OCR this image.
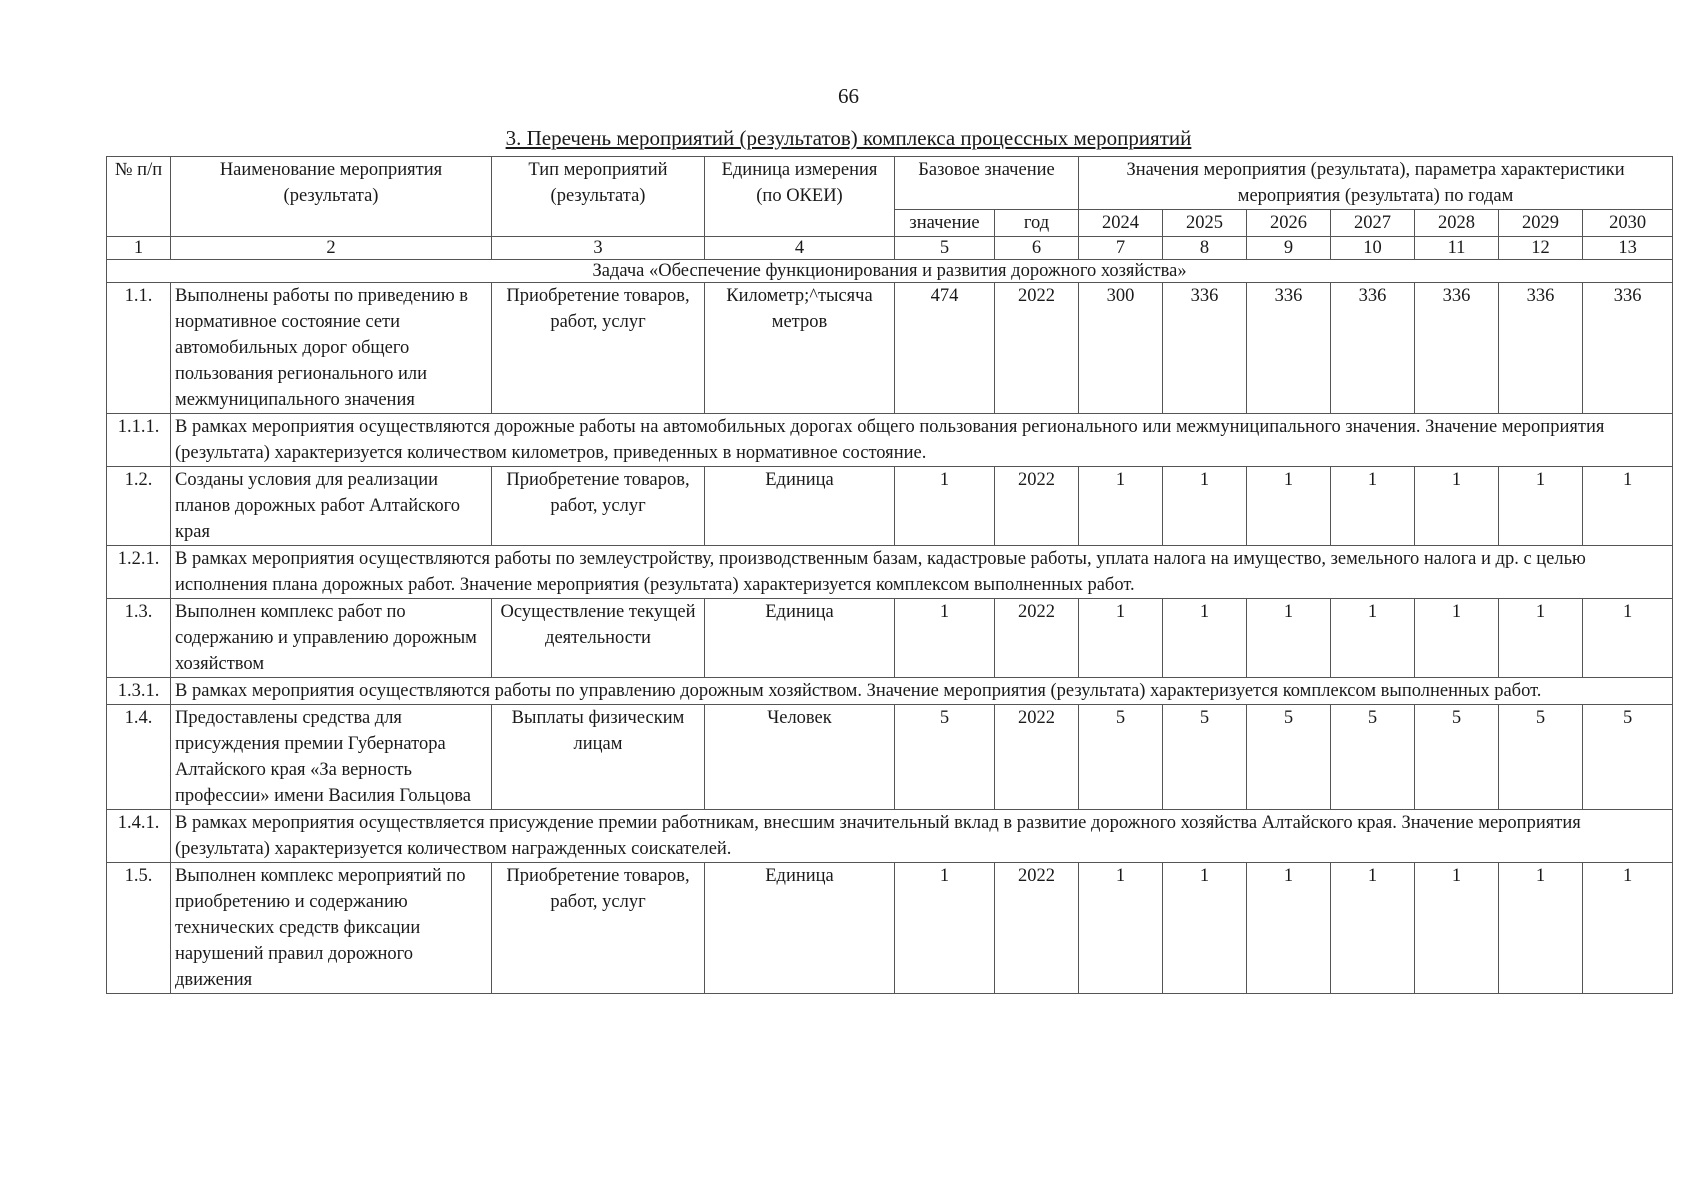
66
3. Перечень мероприятий (результатов) комплекса процессных мероприятий
№ п/п	Наименование мероприятия (результата)	Тип мероприятий (результата)	Единица измерения (по ОКЕИ)	Базовое значение		Значения мероприятия (результата), параметра характеристики мероприятия (результата) по годам						

				значение	год	2024	2025	2026	2027	2028	2029	2030
1	2	3	4	5	6	7	8	9	10	11	12	13
Задача «Обеспечение функционирования и развития дорожного хозяйства»												
1.1.	Выполнены работы по приведению в нормативное состояние сети автомобильных дорог общего пользования регионального или межмуниципального значения	Приобретение товаров, работ, услуг	Километр;^тысяча метров	474	2022	300	336	336	336	336	336	336
1.1.1.	В рамках мероприятия осуществляются дорожные работы на автомобильных дорогах общего пользования регионального или межмуниципального значения. Значение мероприятия (результата) характеризуется количеством километров, приведенных в нормативное состояние.											
1.2.	Созданы условия для реализации планов дорожных работ Алтайского края	Приобретение товаров, работ, услуг	Единица	1	2022	1	1	1	1	1	1	1
1.2.1.	В рамках мероприятия осуществляются работы по землеустройству, производственным базам, кадастровые работы, уплата налога на имущество, земельного налога и др. с целью исполнения плана дорожных работ. Значение мероприятия (результата) характеризуется комплексом выполненных работ.											
1.3.	Выполнен комплекс работ по содержанию и управлению дорожным хозяйством	Осуществление текущей деятельности	Единица	1	2022	1	1	1	1	1	1	1
1.3.1.	В рамках мероприятия осуществляются работы по управлению дорожным хозяйством. Значение мероприятия (результата) характеризуется комплексом выполненных работ.											
1.4.	Предоставлены средства для присуждения премии Губернатора Алтайского края «За верность профессии» имени Василия Гольцова	Выплаты физическим лицам	Человек	5	2022	5	5	5	5	5	5	5
1.4.1.	В рамках мероприятия осуществляется присуждение премии работникам, внесшим значительный вклад в развитие дорожного хозяйства Алтайского края. Значение мероприятия (результата) характеризуется количеством награжденных соискателей.											
1.5.	Выполнен комплекс мероприятий по приобретению и содержанию технических средств фиксации нарушений правил дорожного движения	Приобретение товаров, работ, услуг	Единица	1	2022	1	1	1	1	1	1	1
